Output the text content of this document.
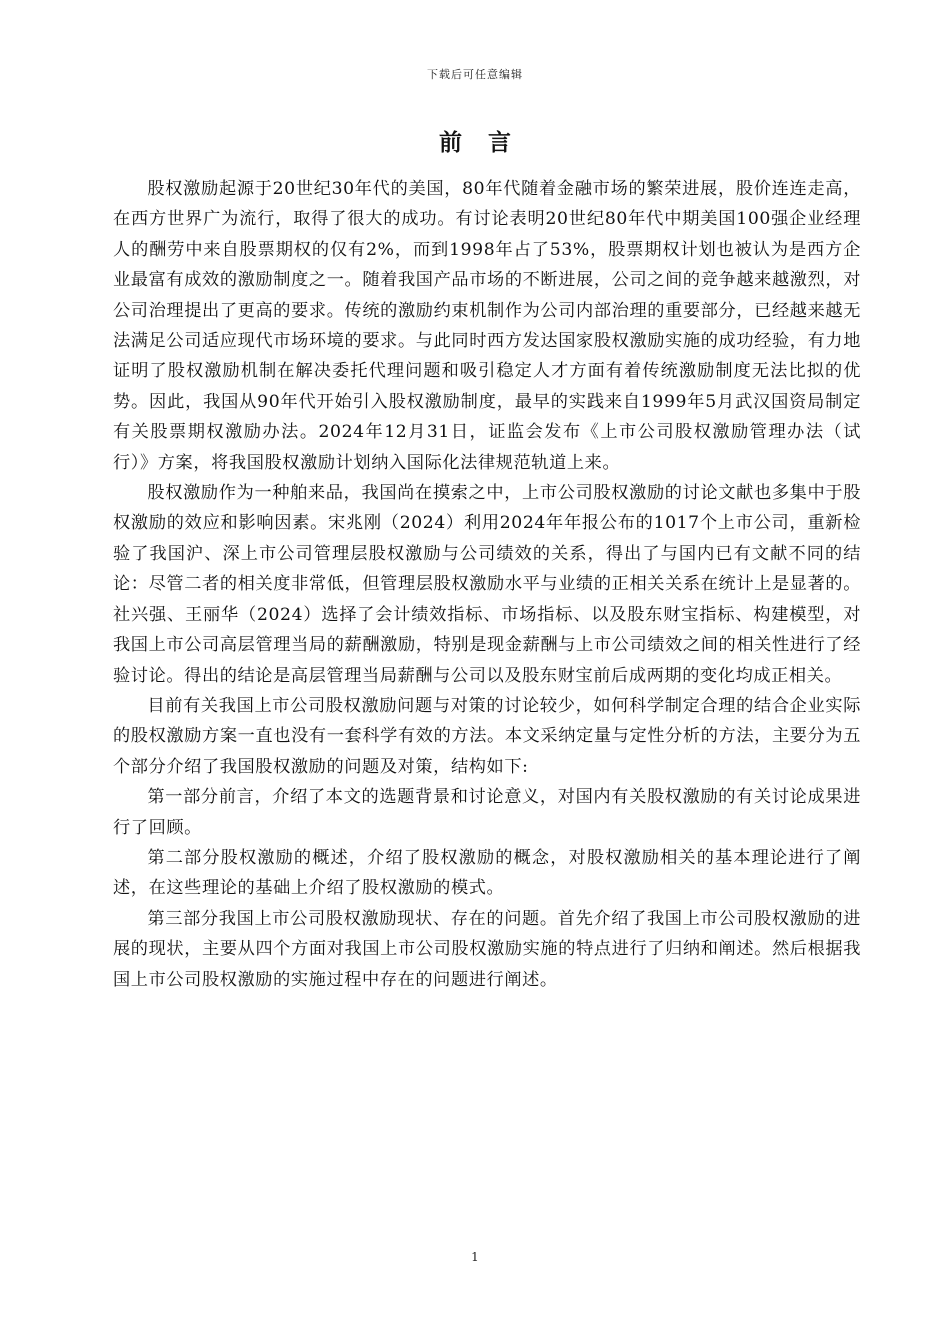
下载后可任意编辑
前言

股权激励起源于20世纪30年代的美国，80年代随着金融市场的繁荣进展，股价连连走高，在西方世界广为流行，取得了很大的成功。有讨论表明20世纪80年代中期美国100强企业经理人的酬劳中来自股票期权的仅有2%，而到1998年占了53%，股票期权计划也被认为是西方企业最富有成效的激励制度之一。随着我国产品市场的不断进展，公司之间的竞争越来越激烈，对公司治理提出了更高的要求。传统的激励约束机制作为公司内部治理的重要部分，已经越来越无法满足公司适应现代市场环境的要求。与此同时西方发达国家股权激励实施的成功经验，有力地证明了股权激励机制在解决委托代理问题和吸引稳定人才方面有着传统激励制度无法比拟的优势。因此，我国从90年代开始引入股权激励制度，最早的实践来自1999年5月武汉国资局制定有关股票期权激励办法。2024年12月31日，证监会发布《上市公司股权激励管理办法（试行）》方案，将我国股权激励计划纳入国际化法律规范轨道上来。

股权激励作为一种舶来品，我国尚在摸索之中，上市公司股权激励的讨论文献也多集中于股权激励的效应和影响因素。宋兆刚（2024）利用2024年年报公布的1017个上市公司，重新检验了我国沪、深上市公司管理层股权激励与公司绩效的关系，得出了与国内已有文献不同的结论：尽管二者的相关度非常低，但管理层股权激励水平与业绩的正相关关系在统计上是显著的。社兴强、王丽华（2024）选择了会计绩效指标、市场指标、以及股东财宝指标、构建模型，对我国上市公司高层管理当局的薪酬激励，特别是现金薪酬与上市公司绩效之间的相关性进行了经验讨论。得出的结论是高层管理当局薪酬与公司以及股东财宝前后成两期的变化均成正相关。

目前有关我国上市公司股权激励问题与对策的讨论较少，如何科学制定合理的结合企业实际的股权激励方案一直也没有一套科学有效的方法。本文采纳定量与定性分析的方法，主要分为五个部分介绍了我国股权激励的问题及对策，结构如下:

第一部分前言，介绍了本文的选题背景和讨论意义，对国内有关股权激励的有关讨论成果进行了回顾。

第二部分股权激励的概述，介绍了股权激励的概念，对股权激励相关的基本理论进行了阐述，在这些理论的基础上介绍了股权激励的模式。

第三部分我国上市公司股权激励现状、存在的问题。首先介绍了我国上市公司股权激励的进展的现状，主要从四个方面对我国上市公司股权激励实施的特点进行了归纳和阐述。然后根据我国上市公司股权激励的实施过程中存在的问题进行阐述。

1
